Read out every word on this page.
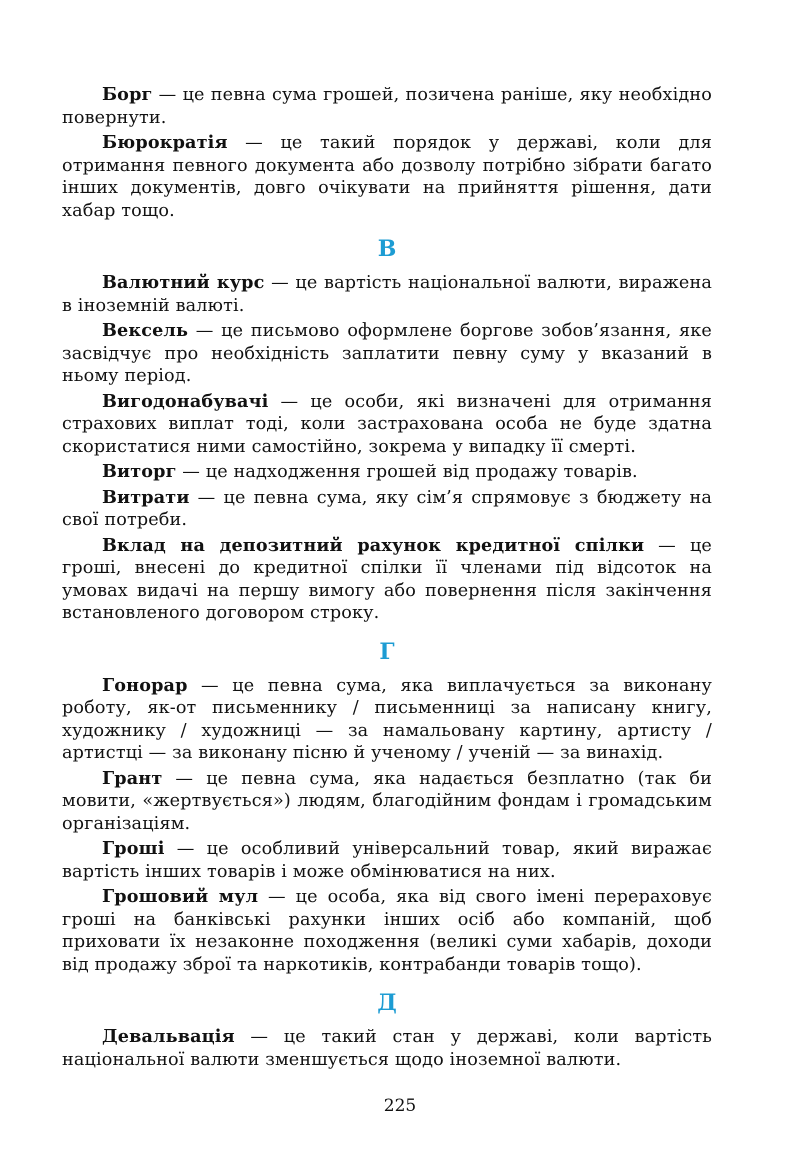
Борг — це певна сума грошей, позичена раніше, яку необхідно повернути.

Бюрократія — це такий порядок у державі, коли для отримання певного документа або дозволу потрібно зібрати багато інших документів, довго очікувати на прийняття рішення, дати хабар тощо.

В

Валютний курс — це вартість національної валюти, виражена в іноземній валюті.

Вексель — це письмово оформлене боргове зобов’язання, яке засвідчує про необхідність заплатити певну суму у вказаний в ньому період.

Вигодонабувачі — це особи, які визначені для отримання страхових виплат тоді, коли застрахована особа не буде здатна скористатися ними самостійно, зокрема у випадку її смерті.

Виторг — це надходження грошей від продажу товарів.

Витрати — це певна сума, яку сім’я спрямовує з бюджету на свої потреби.

Вклад на депозитний рахунок кредитної спілки — це гроші, внесені до кредитної спілки її членами під відсоток на умовах видачі на першу вимогу або повернення після закінчення встановленого договором строку.

Г

Гонорар — це певна сума, яка виплачується за виконану роботу, як-от письменнику / письменниці за написану книгу, художнику / художниці — за намальовану картину, артисту / артистці — за виконану пісню й ученому / ученій — за винахід.

Грант — це певна сума, яка надається безплатно (так би мовити, «жертвується») людям, благодійним фондам і громадським організаціям.

Гроші — це особливий універсальний товар, який виражає вартість інших товарів і може обмінюватися на них.

Грошовий мул — це особа, яка від свого імені перераховує гроші на банківські рахунки інших осіб або компаній, щоб приховати їх незаконне походження (великі суми хабарів, доходи від продажу зброї та наркотиків, контрабанди товарів тощо).

Д

Девальвація — це такий стан у державі, коли вартість національної валюти зменшується щодо іноземної валюти.

225
